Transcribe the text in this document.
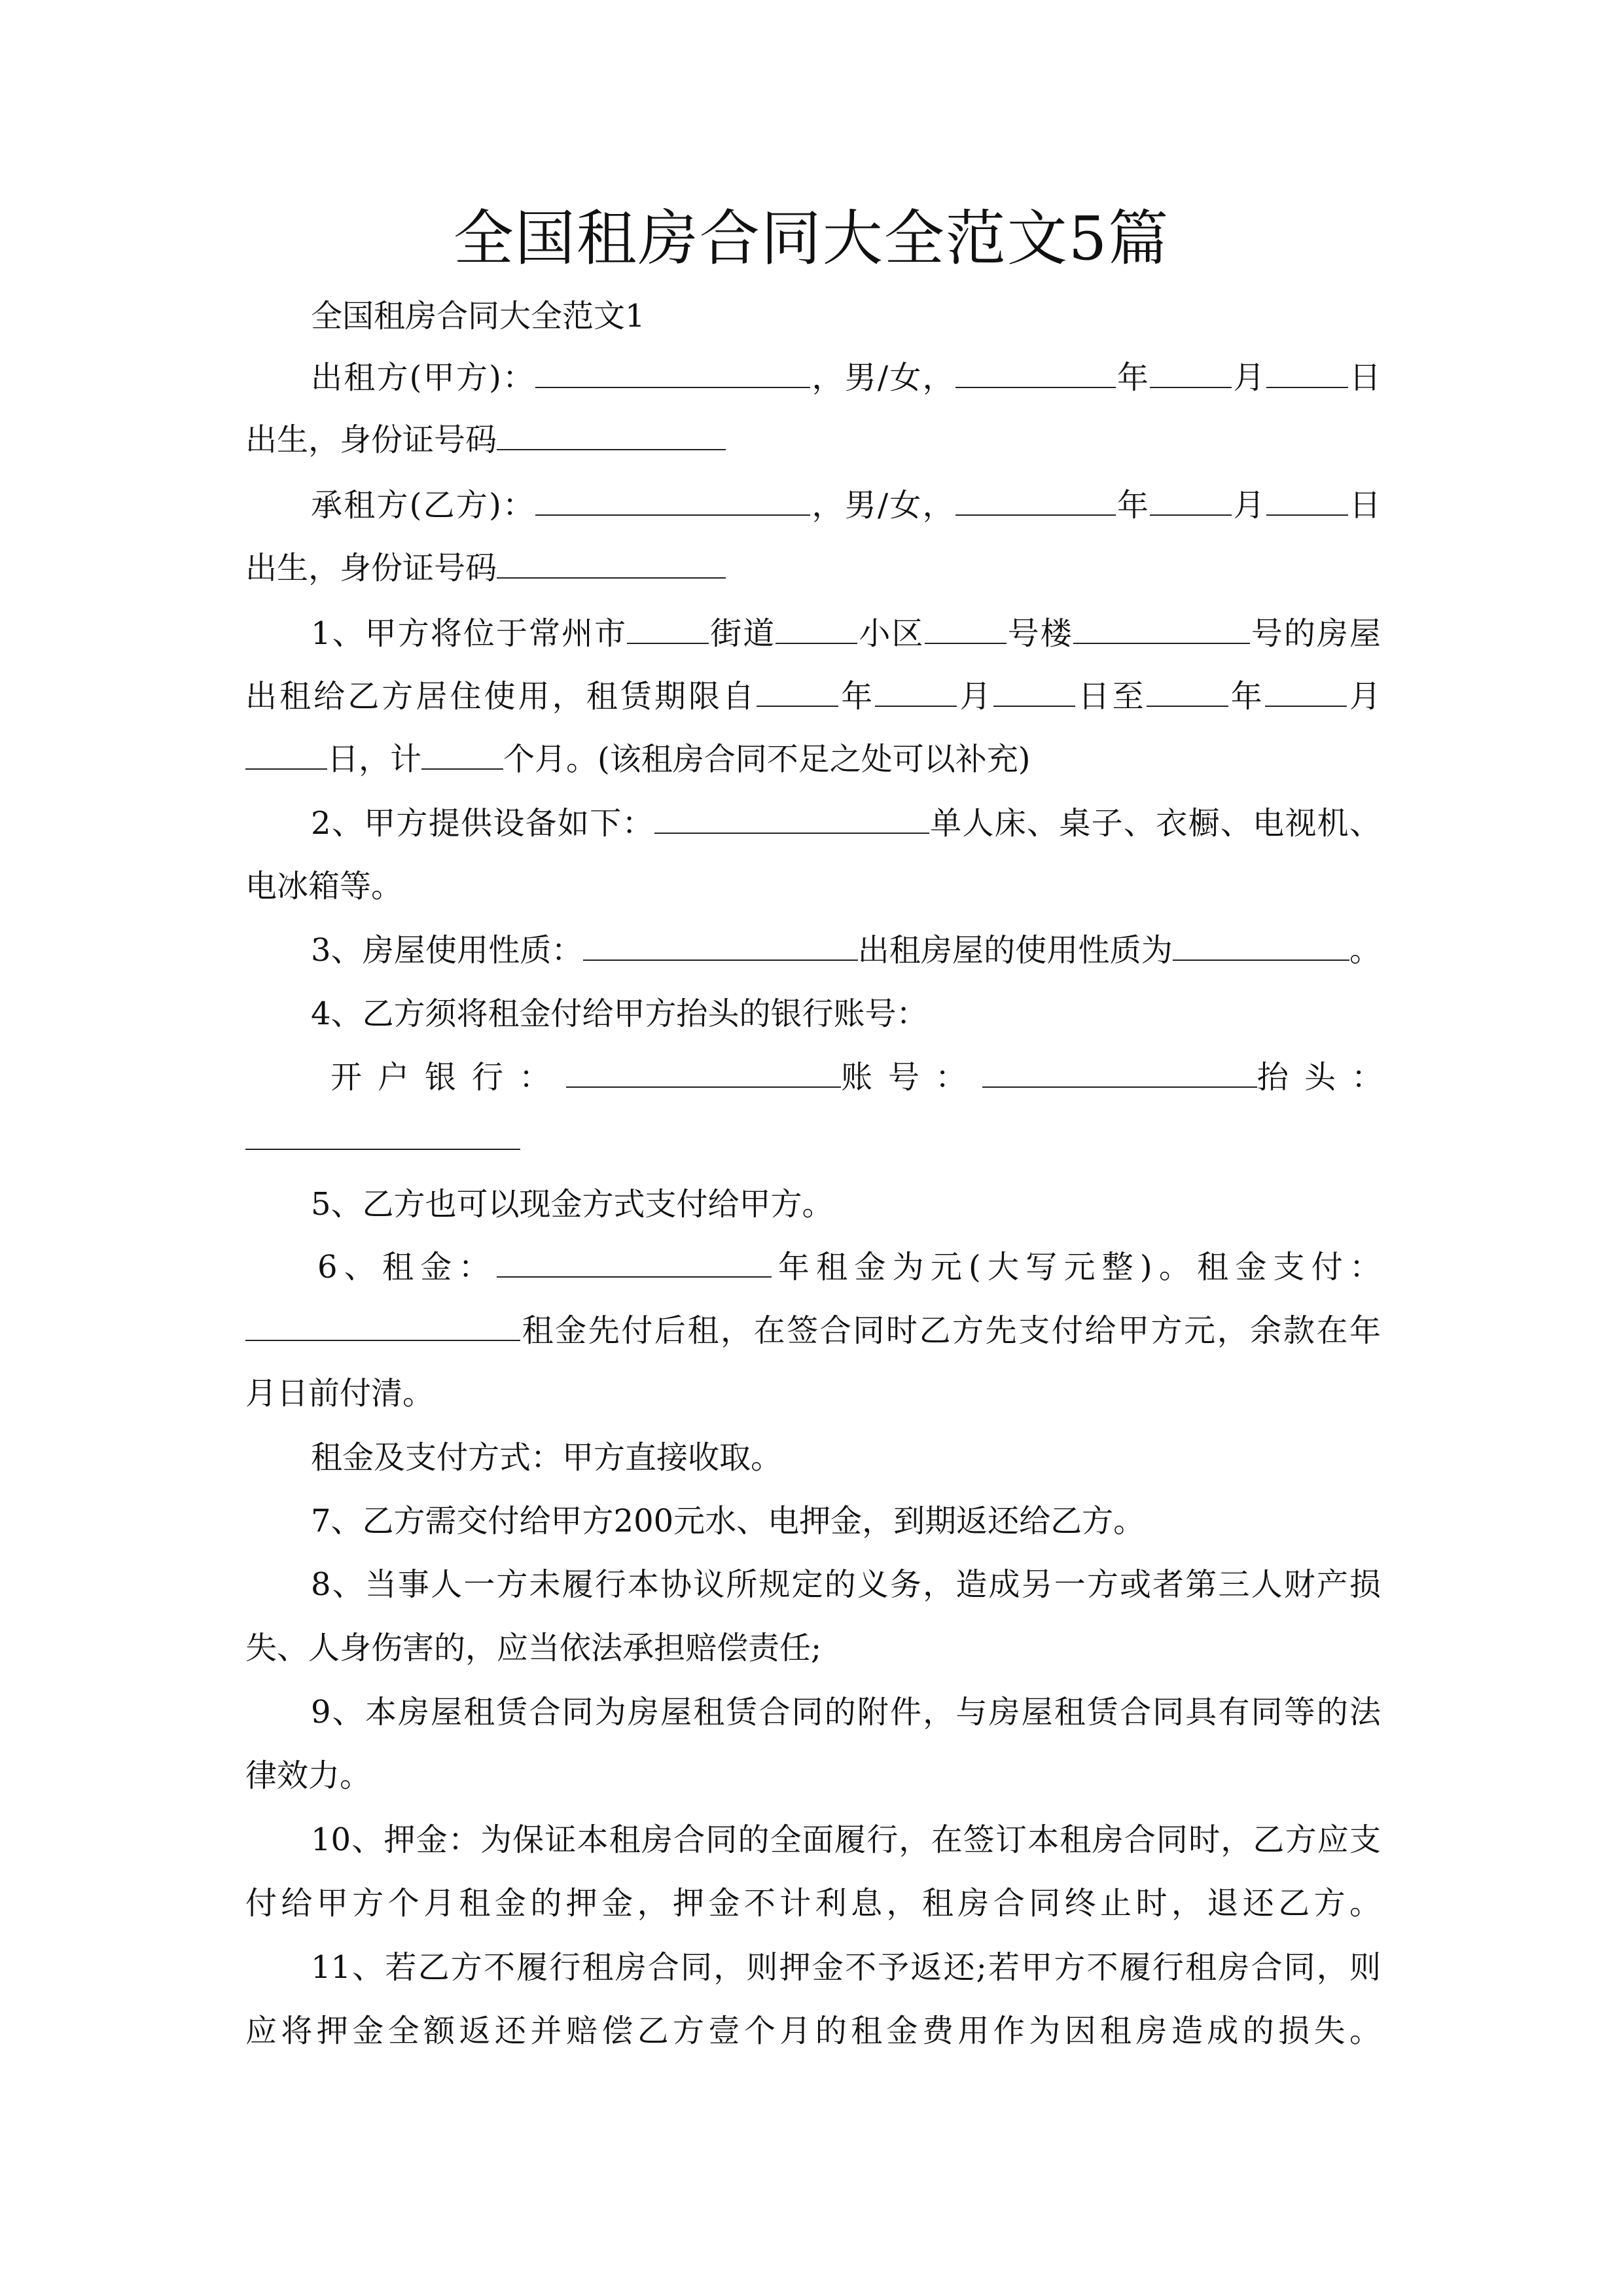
全国租房合同大全范文5篇

全国租房合同大全范文1

出租方(甲方)：	，男/女，	年	月	日

出生，身份证号码

承租方(乙方)：	，男/女，	年	月	日

出生，身份证号码

1、甲方将位于常州市	街道	小区	号楼	号的房屋

出租给乙方居住使用，租赁期限自	年	月	日至	年	月

日，计	个月。(该租房合同不足之处可以补充)

2、甲方提供设备如下：	单人床、桌子、衣橱、电视机、

电冰箱等。

3、房屋使用性质：	出租房屋的使用性质为	。

4、乙方须将租金付给甲方抬头的银行账号：

开户银行：	账号：	抬头：

5、乙方也可以现金方式支付给甲方。

6、租金：	年租金为元(大写元整)。租金支付：

租金先付后租，在签合同时乙方先支付给甲方元，余款在年

月日前付清。

租金及支付方式：甲方直接收取。

7、乙方需交付给甲方200元水、电押金，到期返还给乙方。

8、当事人一方未履行本协议所规定的义务，造成另一方或者第三人财产损

失、人身伤害的，应当依法承担赔偿责任;

9、本房屋租赁合同为房屋租赁合同的附件，与房屋租赁合同具有同等的法

律效力。

10、押金：为保证本租房合同的全面履行，在签订本租房合同时，乙方应支

付给甲方个月租金的押金，押金不计利息，租房合同终止时，退还乙方。

11、若乙方不履行租房合同，则押金不予返还;若甲方不履行租房合同，则

应将押金全额返还并赔偿乙方壹个月的租金费用作为因租房造成的损失。
